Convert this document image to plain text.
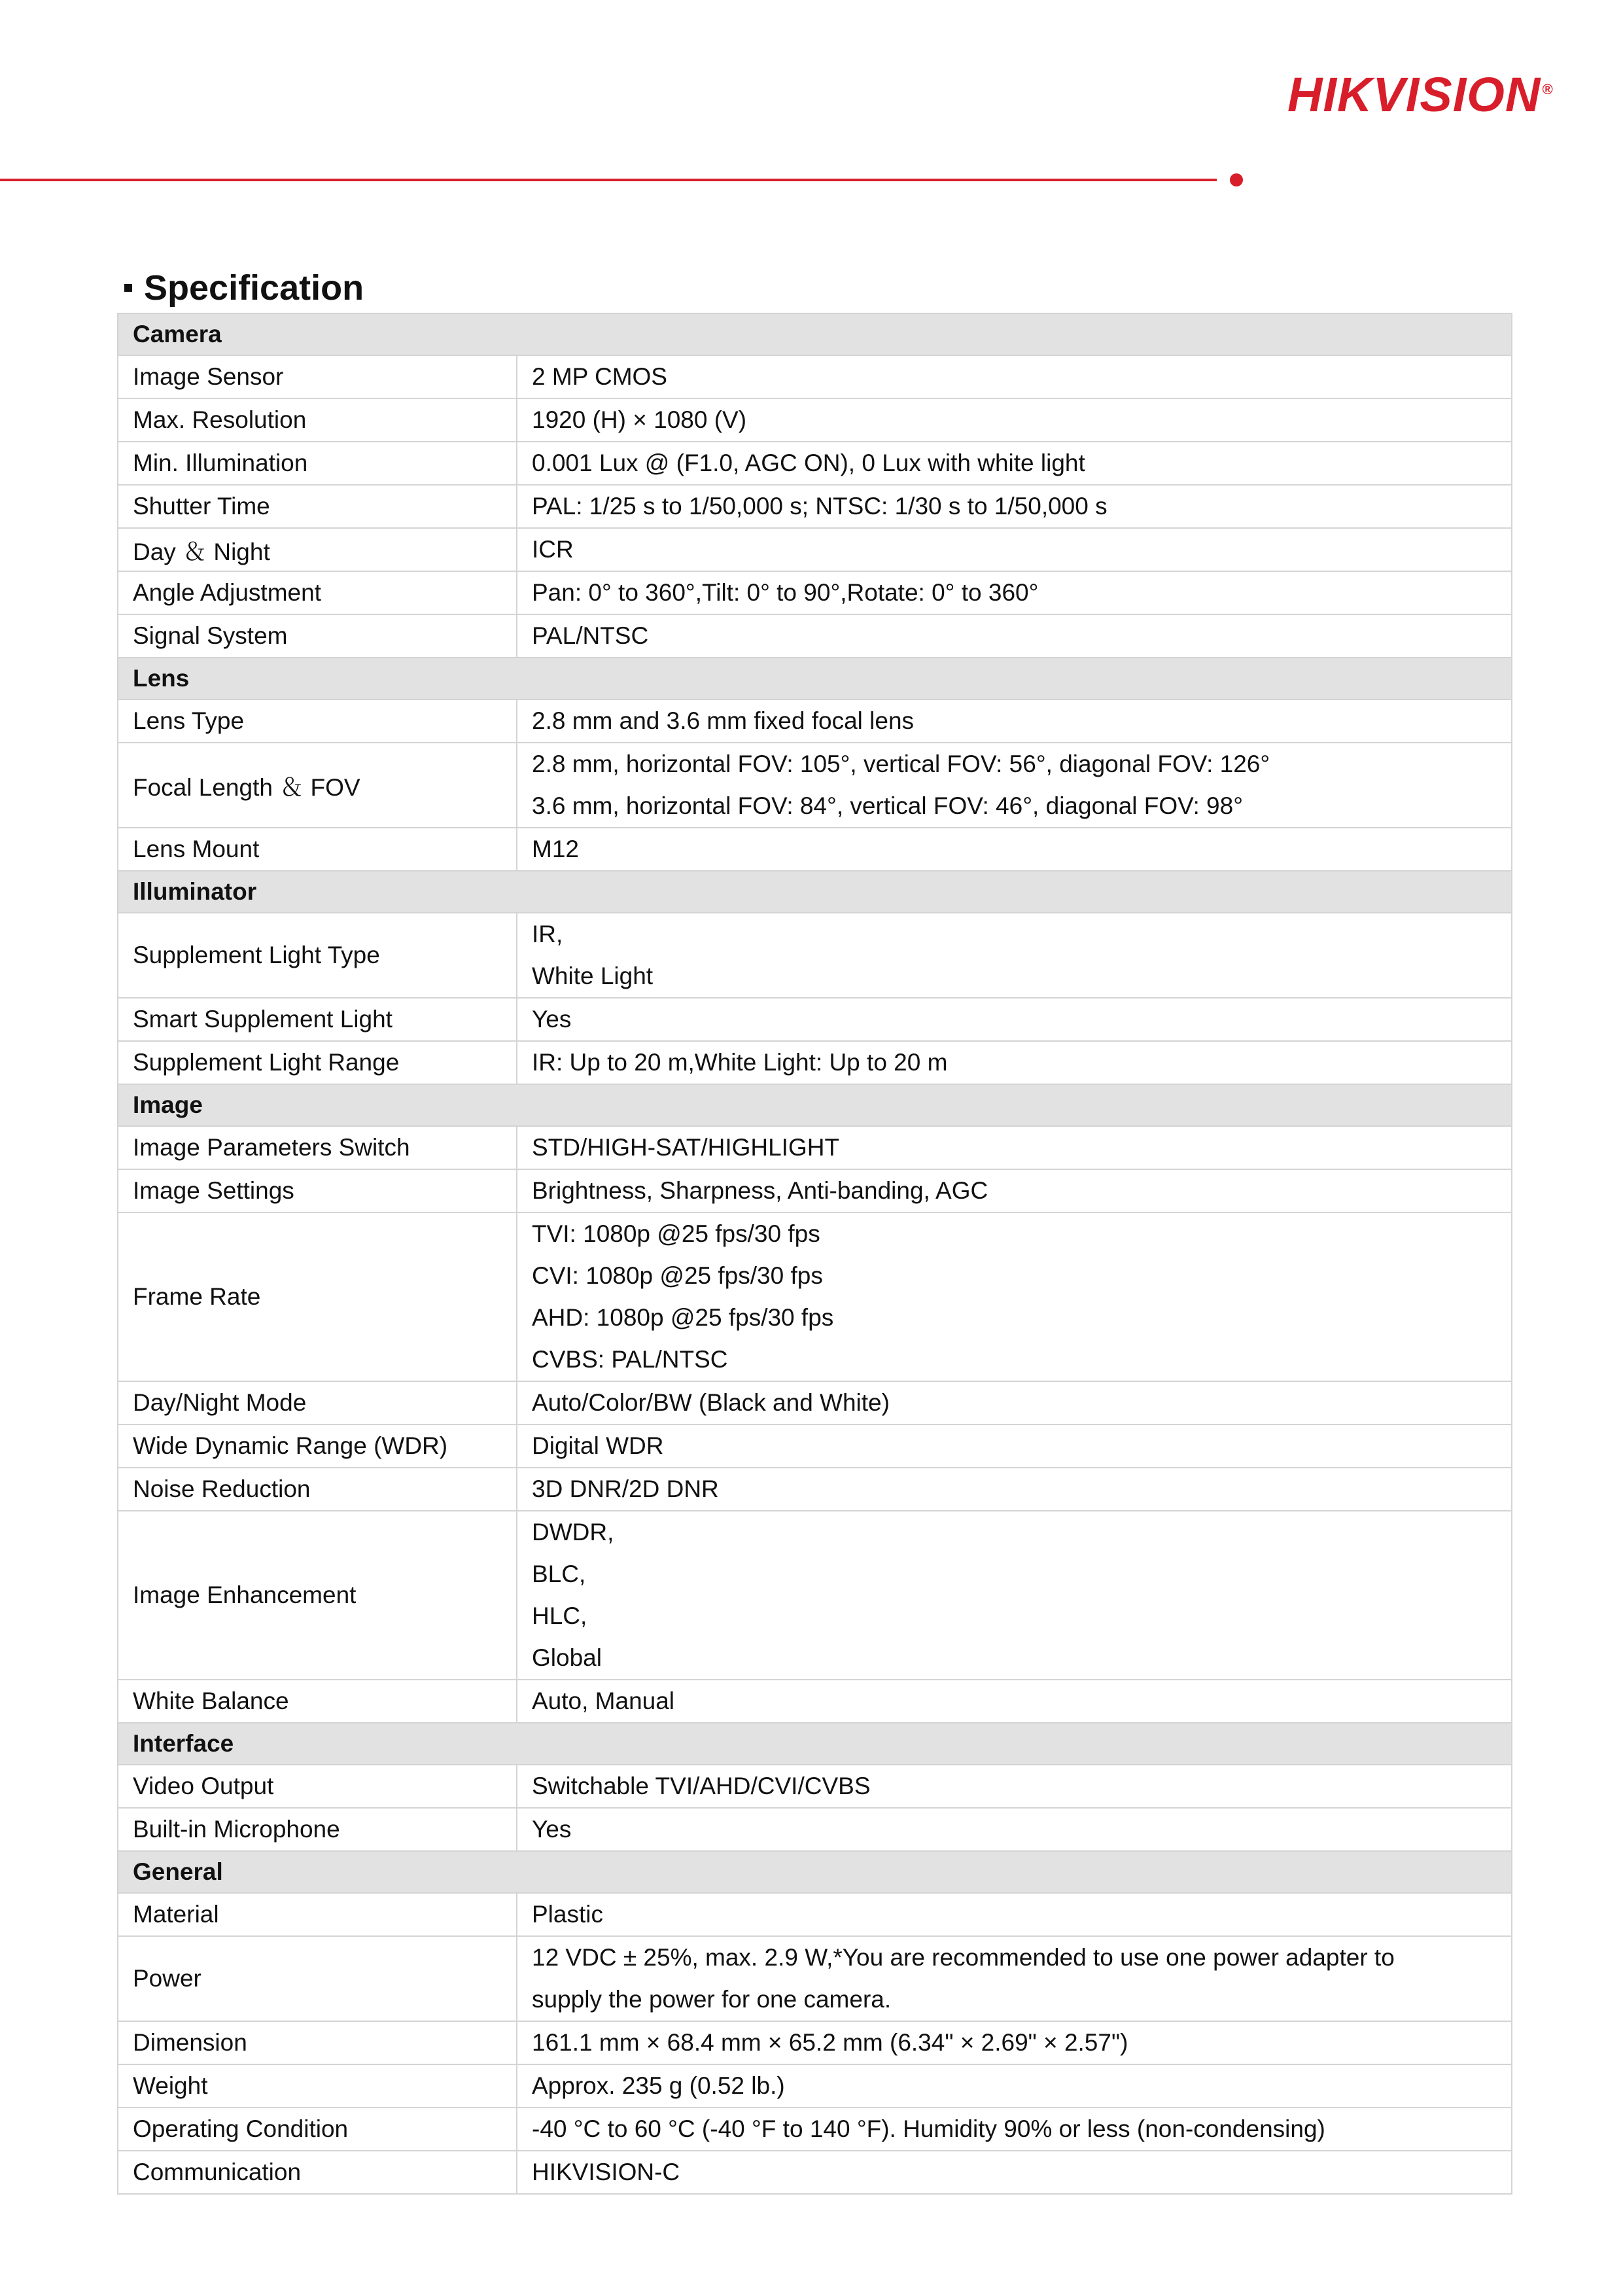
HIKVISION®
Specification
Camera	
Image Sensor	2 MP CMOS

Max. Resolution	1920 (H) × 1080 (V)

Min. Illumination	0.001 Lux @ (F1.0, AGC ON), 0 Lux with white light

Shutter Time	PAL: 1/25 s to 1/50,000 s; NTSC: 1/30 s to 1/50,000 s

Day ＆ Night	ICR

Angle Adjustment	Pan: 0° to 360°,Tilt: 0° to 90°,Rotate: 0° to 360°

Signal System	PAL/NTSC

Lens	
Lens Type	2.8 mm and 3.6 mm fixed focal lens

Focal Length ＆ FOV	2.8 mm, horizontal FOV: 105°, vertical FOV: 56°, diagonal FOV: 126°
3.6 mm, horizontal FOV: 84°, vertical FOV: 46°, diagonal FOV: 98°

Lens Mount	M12

Illuminator	
Supplement Light Type	IR,
White Light

Smart Supplement Light	Yes

Supplement Light Range	IR: Up to 20 m,White Light: Up to 20 m

Image	
Image Parameters Switch	STD/HIGH-SAT/HIGHLIGHT

Image Settings	Brightness, Sharpness, Anti-banding, AGC

Frame Rate	TVI: 1080p @25 fps/30 fps
CVI: 1080p @25 fps/30 fps
AHD: 1080p @25 fps/30 fps
CVBS: PAL/NTSC

Day/Night Mode	Auto/Color/BW (Black and White)

Wide Dynamic Range (WDR)	Digital WDR

Noise Reduction	3D DNR/2D DNR

Image Enhancement	DWDR,
BLC,
HLC,
Global

White Balance	Auto, Manual

Interface	
Video Output	Switchable TVI/AHD/CVI/CVBS

Built-in Microphone	Yes

General	
Material	Plastic

Power	12 VDC ± 25%, max. 2.9 W,*You are recommended to use one power adapter to
supply the power for one camera.

Dimension	161.1 mm × 68.4 mm × 65.2 mm (6.34" × 2.69" × 2.57")

Weight	Approx. 235 g (0.52 lb.)

Operating Condition	-40 °C to 60 °C (-40 °F to 140 °F). Humidity 90% or less (non-condensing)

Communication	HIKVISION-C
